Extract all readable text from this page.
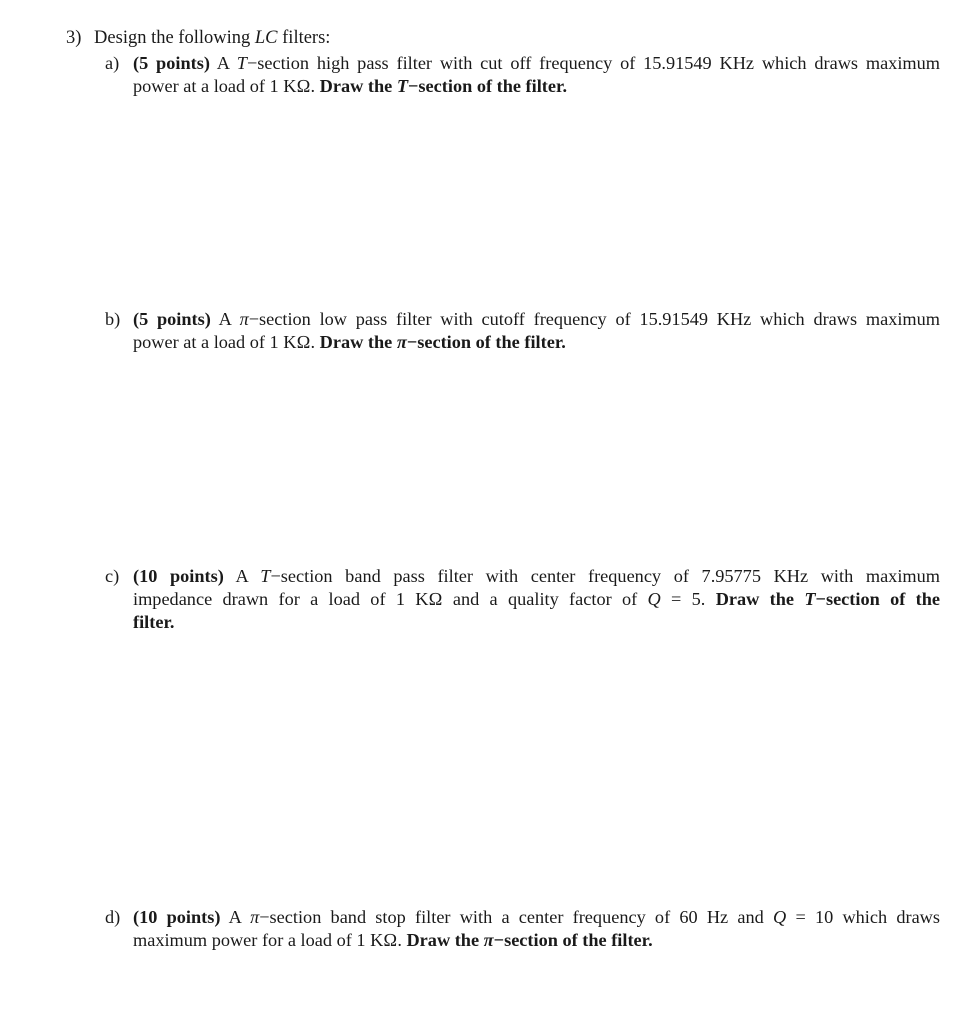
3) Design the following LC filters:
a) (5 points) A T−section high pass filter with cut off frequency of 15.91549 KHz which draws maximum
power at a load of 1 KΩ. Draw the T−section of the filter.
b) (5 points) A π−section low pass filter with cutoff frequency of 15.91549 KHz which draws maximum
power at a load of 1 KΩ. Draw the π−section of the filter.
c) (10 points) A T−section band pass filter with center frequency of 7.95775 KHz with maximum
impedance drawn for a load of 1 KΩ and a quality factor of Q = 5. Draw the T−section of the
filter.
d) (10 points) A π−section band stop filter with a center frequency of 60 Hz and Q = 10 which draws
maximum power for a load of 1 KΩ. Draw the π−section of the filter.
